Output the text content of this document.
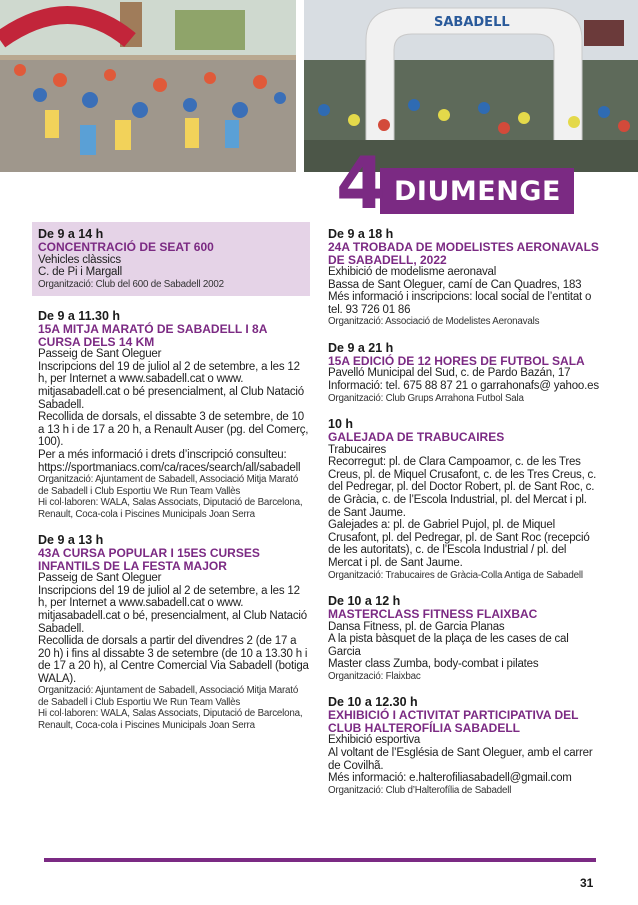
SABADELL
DIUMENGE
4
De 9 a 14 h
CONCENTRACIÓ DE SEAT 600
Vehicles clàssics
C. de Pi i Margall
Organització: Club del 600 de Sabadell 2002
De 9 a 11.30 h
15A MITJA MARATÓ DE SABADELL I 8A CURSA DELS 14 KM
Passeig de Sant Oleguer
Inscripcions del 19 de juliol al 2 de setembre, a les 12 h, per Internet a www.sabadell.cat o www. mitjasabadell.cat o bé presencialment, al Club Natació Sabadell.
Recollida de dorsals, el dissabte 3 de setembre, de 10 a 13 h i de 17 a 20 h, a Renault Auser (pg. del Comerç, 100).
Per a més informació i drets d’inscripció consulteu: https://sportmaniacs.com/ca/races/search/all/sabadell
Organització: Ajuntament de Sabadell, Associació Mitja Marató de Sabadell i Club Esportiu We Run Team Vallès
Hi col·laboren: WALA, Salas Associats, Diputació de Barcelona, Renault, Coca-cola i Piscines Municipals Joan Serra
De 9 a 13 h
43A CURSA POPULAR I 15ES CURSES INFANTILS DE LA FESTA MAJOR
Passeig de Sant Oleguer
Inscripcions del 19 de juliol al 2 de setembre, a les 12 h, per Internet a www.sabadell.cat o www. mitjasabadell.cat o bé, presencialment, al Club Natació Sabadell.
Recollida de dorsals a partir del divendres 2 (de 17 a 20 h) i fins al dissabte 3 de setembre (de 10 a 13.30 h i de 17 a 20 h), al Centre Comercial Via Sabadell (botiga WALA).
Organització: Ajuntament de Sabadell, Associació Mitja Marató de Sabadell i Club Esportiu We Run Team Vallès
Hi col·laboren: WALA, Salas Associats, Diputació de Barcelona, Renault, Coca-cola i Piscines Municipals Joan Serra
De 9 a 18 h
24A TROBADA DE MODELISTES AERONAVALS DE SABADELL, 2022
Exhibició de modelisme aeronaval
Bassa de Sant Oleguer, camí de Can Quadres, 183
Més informació i inscripcions: local social de l’entitat o tel. 93 726 01 86
Organització: Associació de Modelistes Aeronavals
De 9 a 21 h
15A EDICIÓ DE 12 HORES DE FUTBOL SALA
Pavelló Municipal del Sud, c. de Pardo Bazán, 17
Informació: tel. 675 88 87 21 o garrahonafs@ yahoo.es
Organització: Club Grups Arrahona Futbol Sala
10 h
GALEJADA DE TRABUCAIRES
Trabucaires
Recorregut: pl. de Clara Campoamor, c. de les Tres Creus, pl. de Miquel Crusafont, c. de les Tres Creus, c. del Pedregar, pl. del Doctor Robert, pl. de Sant Roc, c. de Gràcia, c. de l’Escola Industrial, pl. del Mercat i pl. de Sant Jaume.
Galejades a: pl. de Gabriel Pujol, pl. de Miquel Crusafont, pl. del Pedregar, pl. de Sant Roc (recepció de les autoritats), c. de l’Escola Industrial / pl. del Mercat i pl. de Sant Jaume.
Organització: Trabucaires de Gràcia-Colla Antiga de Sabadell
De 10 a 12 h
MASTERCLASS FITNESS FLAIXBAC
Dansa Fitness, pl. de Garcia Planas
A la pista bàsquet de la plaça de les cases de cal Garcia
Master class Zumba, body-combat i pilates
Organització: Flaixbac
De 10 a 12.30 h
EXHIBICIÓ I ACTIVITAT PARTICIPATIVA DEL CLUB HALTEROFÍLIA SABADELL
Exhibició esportiva
Al voltant de l’Església de Sant Oleguer, amb el carrer de Covilhã.
Més informació: e.halterofiliasabadell@gmail.com
Organització: Club d’Halterofília de Sabadell
31
